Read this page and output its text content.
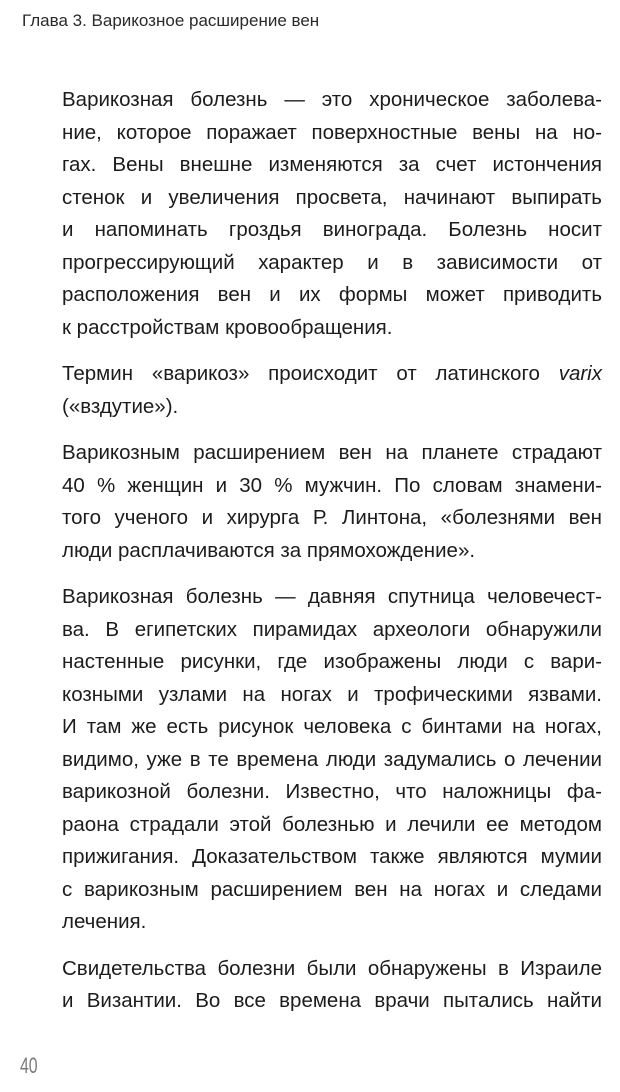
Глава 3. Варикозное расширение вен

Варикозная болезнь — это хроническое заболева-
ние, которое поражает поверхностные вены на но-
гах. Вены внешне изменяются за счет истончения
стенок и увеличения просвета, начинают выпирать
и напоминать гроздья винограда. Болезнь носит
прогрессирующий характер и в зависимости от
расположения вен и их формы может приводить
к расстройствам кровообращения.

Термин «варикоз» происходит от латинского varix
(«вздутие»).

Варикозным расширением вен на планете страдают
40 % женщин и 30 % мужчин. По словам знамени-
того ученого и хирурга Р. Линтона, «болезнями вен
люди расплачиваются за прямохождение».

Варикозная болезнь — давняя спутница человечест-
ва. В египетских пирамидах археологи обнаружили
настенные рисунки, где изображены люди с вари-
козными узлами на ногах и трофическими язвами.
И там же есть рисунок человека с бинтами на ногах,
видимо, уже в те времена люди задумались о лечении
варикозной болезни. Известно, что наложницы фа-
раона страдали этой болезнью и лечили ее методом
прижигания. Доказательством также являются мумии
с варикозным расширением вен на ногах и следами
лечения.

Свидетельства болезни были обнаружены в Израиле
и Византии. Во все времена врачи пытались найти

40
